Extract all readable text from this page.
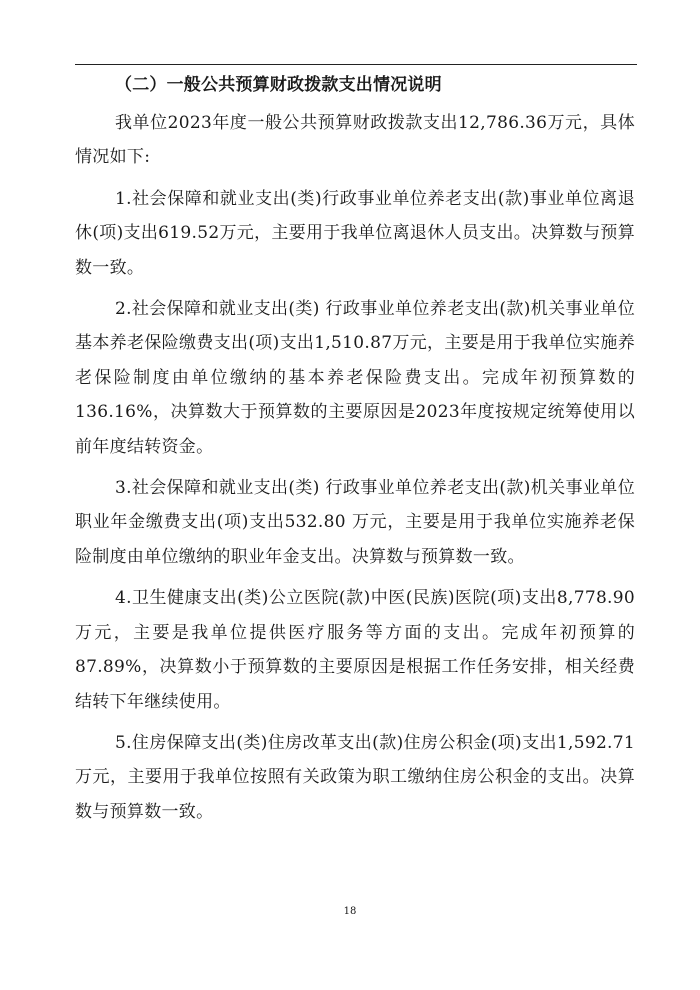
（二）一般公共预算财政拨款支出情况说明

我单位2023年度一般公共预算财政拨款支出12,786.36万元，具体情况如下:

1.社会保障和就业支出(类)行政事业单位养老支出(款)事业单位离退休(项)支出619.52万元，主要用于我单位离退休人员支出。决算数与预算数一致。

2.社会保障和就业支出(类) 行政事业单位养老支出(款)机关事业单位基本养老保险缴费支出(项)支出1,510.87万元，主要是用于我单位实施养老保险制度由单位缴纳的基本养老保险费支出。完成年初预算数的136.16%，决算数大于预算数的主要原因是2023年度按规定统筹使用以前年度结转资金。

3.社会保障和就业支出(类) 行政事业单位养老支出(款)机关事业单位职业年金缴费支出(项)支出532.80 万元，主要是用于我单位实施养老保险制度由单位缴纳的职业年金支出。决算数与预算数一致。

4.卫生健康支出(类)公立医院(款)中医(民族)医院(项)支出8,778.90万元，主要是我单位提供医疗服务等方面的支出。完成年初预算的87.89%，决算数小于预算数的主要原因是根据工作任务安排，相关经费结转下年继续使用。

5.住房保障支出(类)住房改革支出(款)住房公积金(项)支出1,592.71万元，主要用于我单位按照有关政策为职工缴纳住房公积金的支出。决算数与预算数一致。

18
